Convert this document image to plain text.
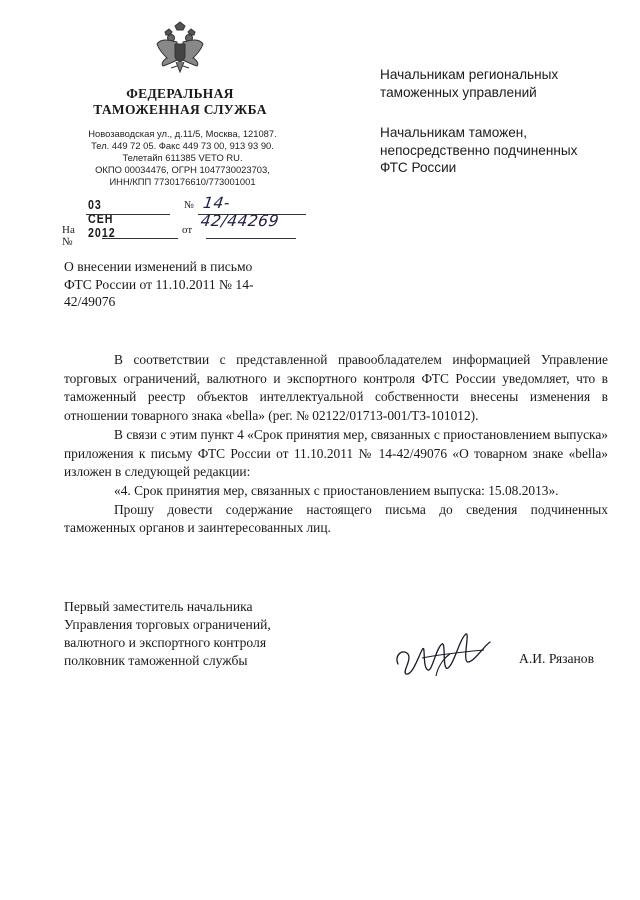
ФЕДЕРАЛЬНАЯ
ТАМОЖЕННАЯ СЛУЖБА
Новозаводская ул., д.11/5, Москва, 121087.
Тел. 449 72 05. Факс 449 73 00, 913 93 90.
Телетайп 611385 VETO RU.
ОКПО 00034476, ОГРН 1047730023703,
ИНН/КПП 7730176610/773001001
03 СЕН 2012
№ 14-42/44269
На №
от
О внесении изменений в письмо
ФТС России от 11.10.2011 № 14-
42/49076
Начальникам региональных
таможенных управлений
Начальникам таможен,
непосредственно подчиненных
ФТС России

В соответствии с представленной правообладателем информацией Управление торговых ограничений, валютного и экспортного контроля ФТС России уведомляет, что в таможенный реестр объектов интеллектуальной собственности внесены изменения в отношении товарного знака «bella» (рег. № 02122/01713-001/ТЗ-101012).

В связи с этим пункт 4 «Срок принятия мер, связанных с приостановлением выпуска» приложения к письму ФТС России от 11.10.2011 № 14-42/49076 «О товарном знаке «bella» изложен в следующей редакции:

«4. Срок принятия мер, связанных с приостановлением выпуска: 15.08.2013».

Прошу довести содержание настоящего письма до сведения подчиненных таможенных органов и заинтересованных лиц.

Первый заместитель начальника
Управления торговых ограничений,
валютного и экспортного контроля
полковник таможенной службы	А.И. Рязанов
